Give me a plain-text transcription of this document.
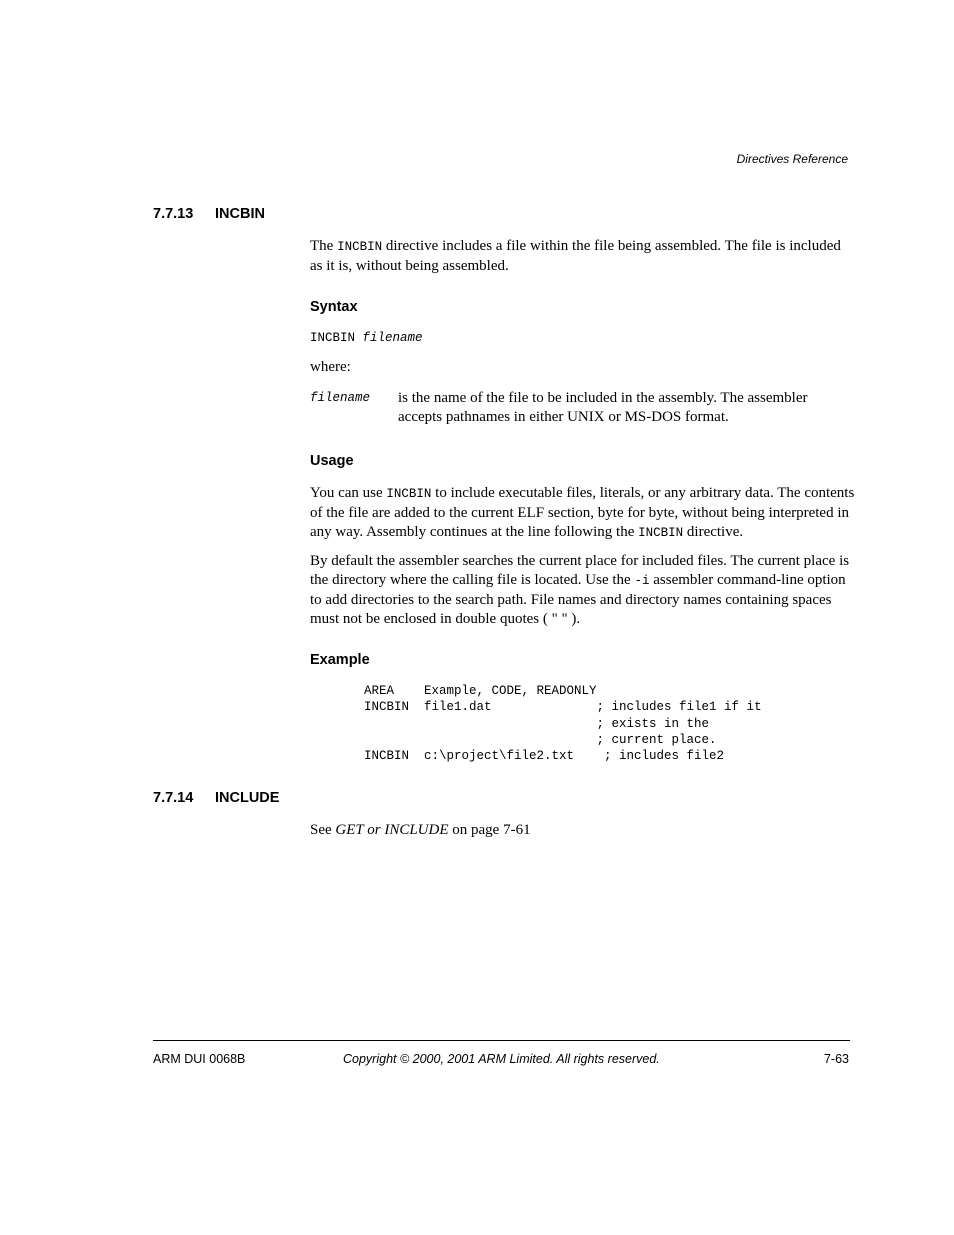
Directives Reference
7.7.13 INCBIN
The INCBIN directive includes a file within the file being assembled. The file is included as it is, without being assembled.
Syntax
INCBIN filename
where:
filename is the name of the file to be included in the assembly. The assembler accepts pathnames in either UNIX or MS-DOS format.
Usage
You can use INCBIN to include executable files, literals, or any arbitrary data. The contents of the file are added to the current ELF section, byte for byte, without being interpreted in any way. Assembly continues at the line following the INCBIN directive.
By default the assembler searches the current place for included files. The current place is the directory where the calling file is located. Use the -i assembler command-line option to add directories to the search path. File names and directory names containing spaces must not be enclosed in double quotes ( " " ).
Example
AREA    Example, CODE, READONLY
INCBIN  file1.dat              ; includes file1 if it
; exists in the
; current place.
INCBIN  c:\project\file2.txt    ; includes file2
7.7.14 INCLUDE
See GET or INCLUDE on page 7-61
ARM DUI 0068B	Copyright © 2000, 2001 ARM Limited. All rights reserved.	7-63
